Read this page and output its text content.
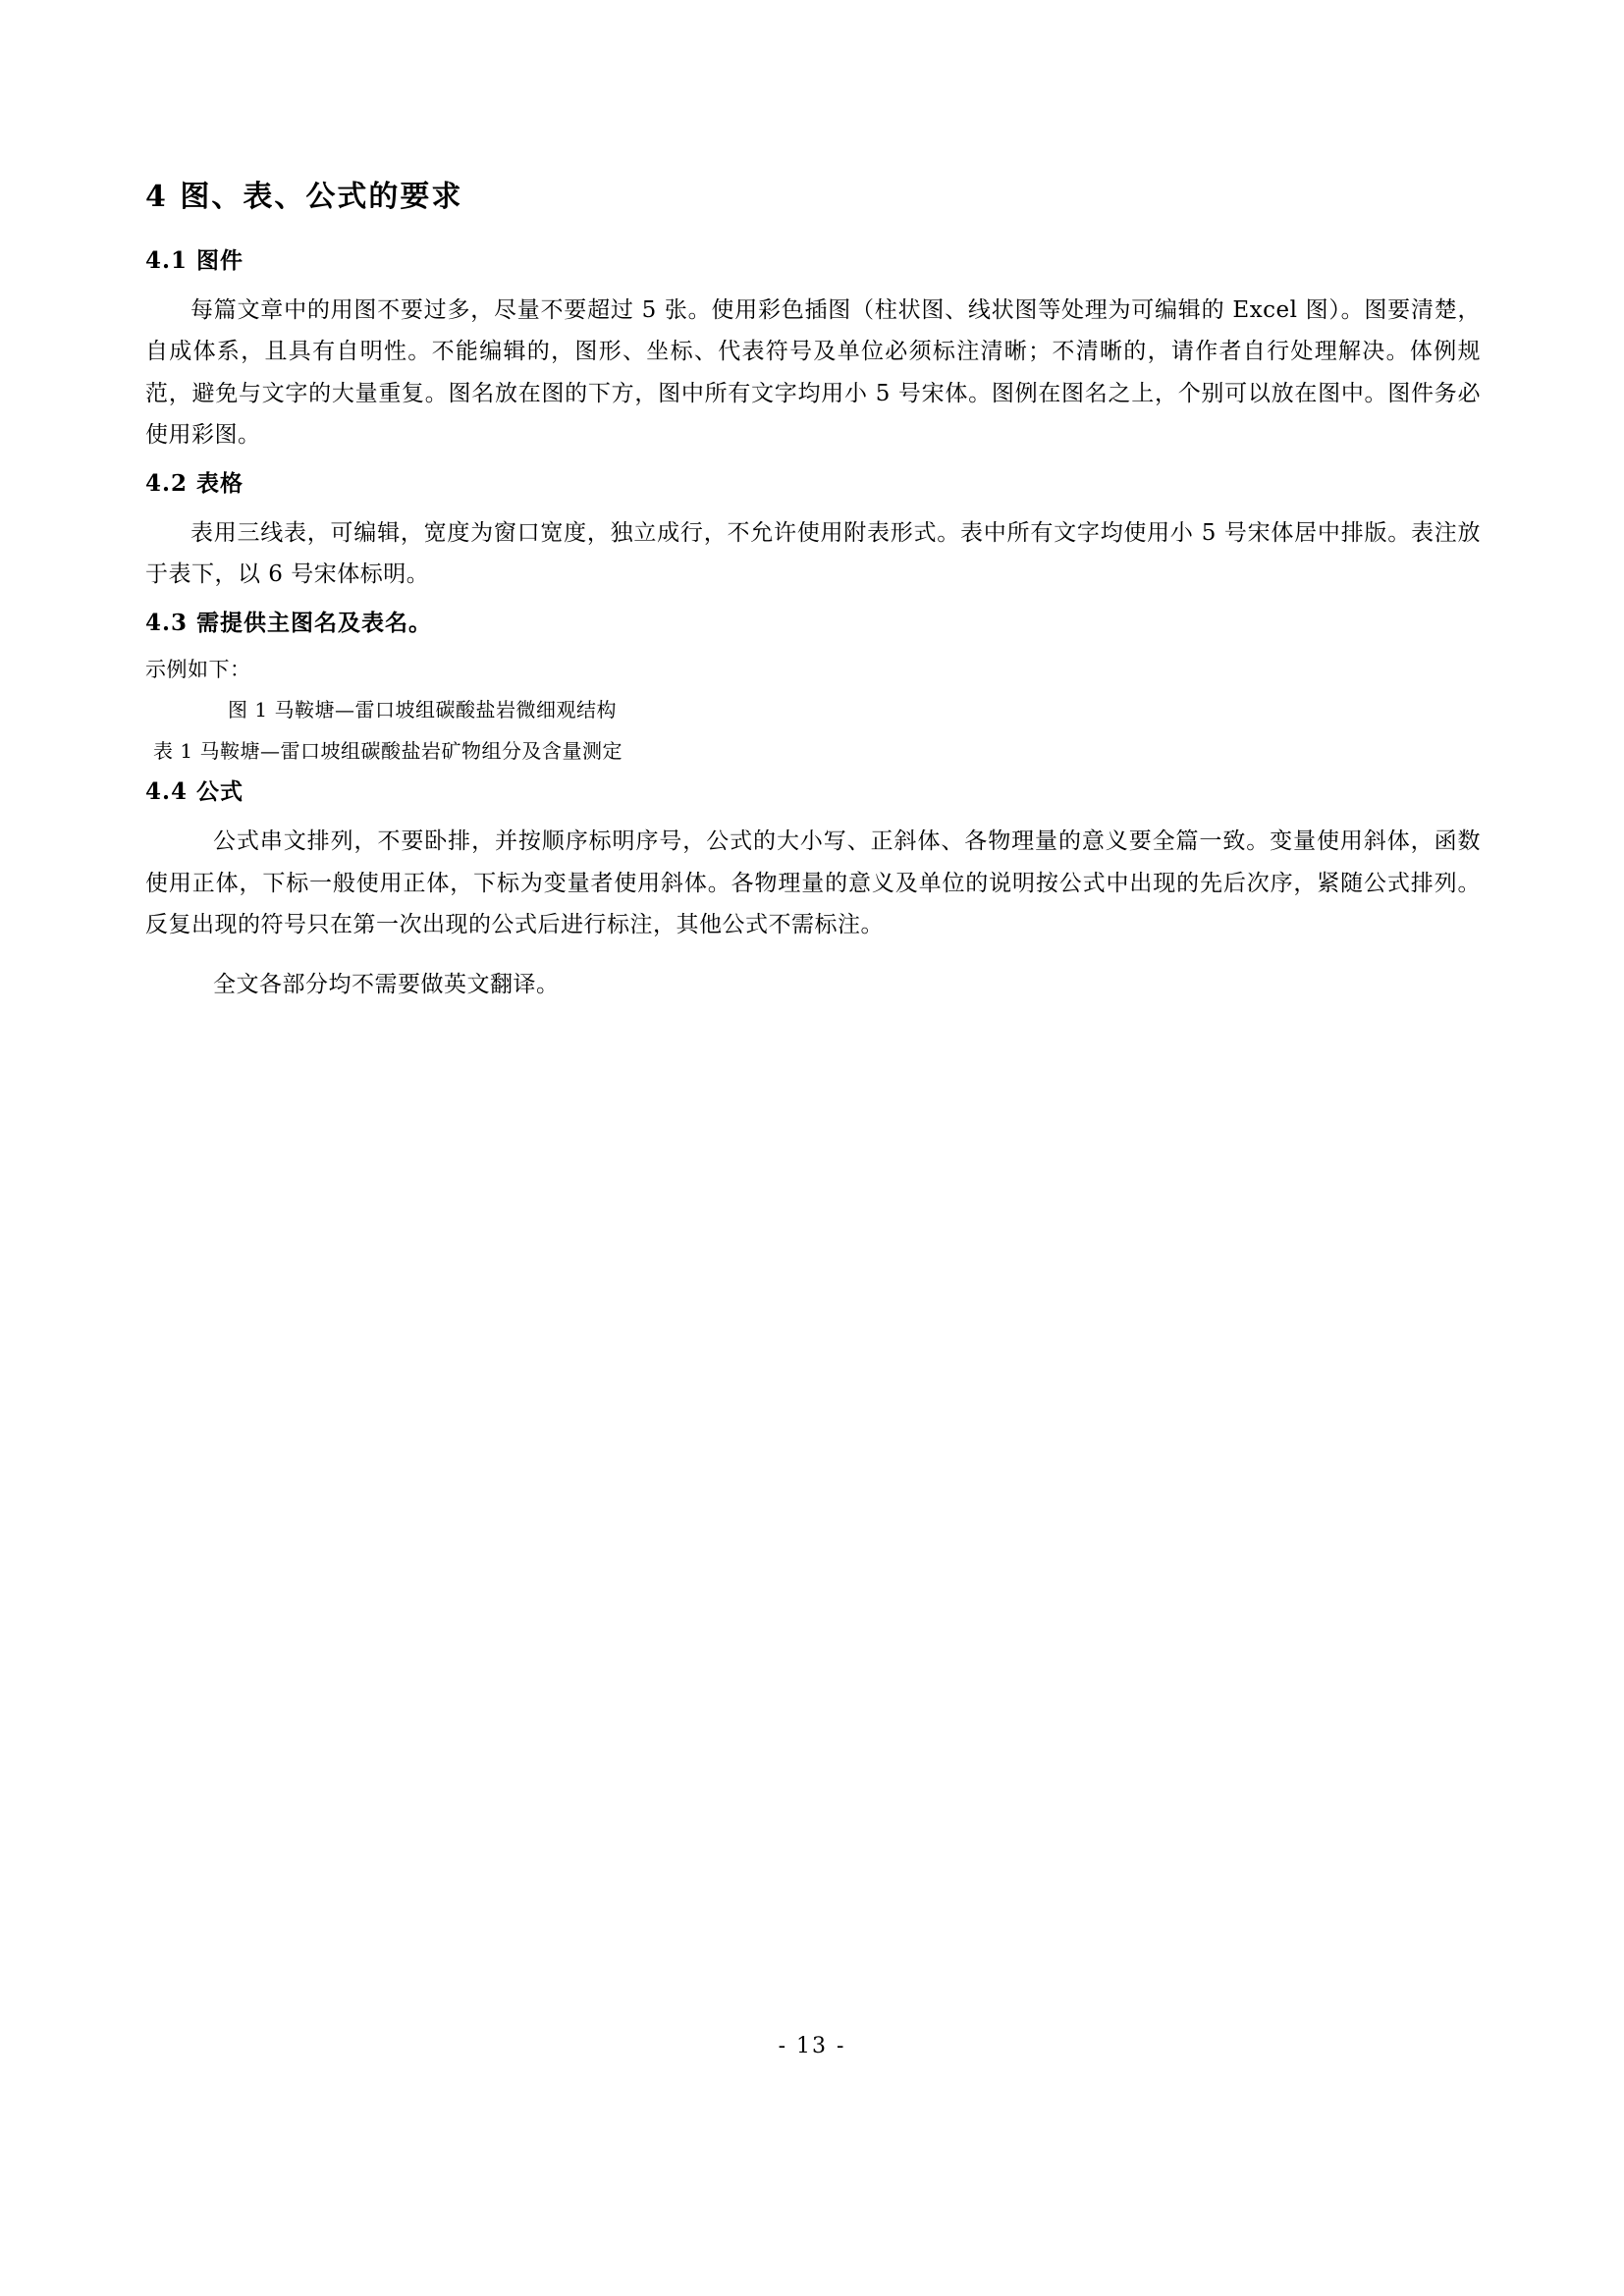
4 图、表、公式的要求
4.1 图件

每篇文章中的用图不要过多，尽量不要超过 5 张。使用彩色插图（柱状图、线状图等处理为可编辑的 Excel 图）。图要清楚，自成体系，且具有自明性。不能编辑的，图形、坐标、代表符号及单位必须标注清晰；不清晰的，请作者自行处理解决。体例规范，避免与文字的大量重复。图名放在图的下方，图中所有文字均用小 5 号宋体。图例在图名之上，个别可以放在图中。图件务必使用彩图。

4.2 表格

表用三线表，可编辑，宽度为窗口宽度，独立成行，不允许使用附表形式。表中所有文字均使用小 5 号宋体居中排版。表注放于表下，以 6 号宋体标明。

4.3 需提供主图名及表名。

示例如下：

图 1 马鞍塘—雷口坡组碳酸盐岩微细观结构

表 1 马鞍塘—雷口坡组碳酸盐岩矿物组分及含量测定

4.4 公式

公式串文排列，不要卧排，并按顺序标明序号，公式的大小写、正斜体、各物理量的意义要全篇一致。变量使用斜体，函数使用正体，下标一般使用正体，下标为变量者使用斜体。各物理量的意义及单位的说明按公式中出现的先后次序，紧随公式排列。反复出现的符号只在第一次出现的公式后进行标注，其他公式不需标注。

全文各部分均不需要做英文翻译。

- 13 -
